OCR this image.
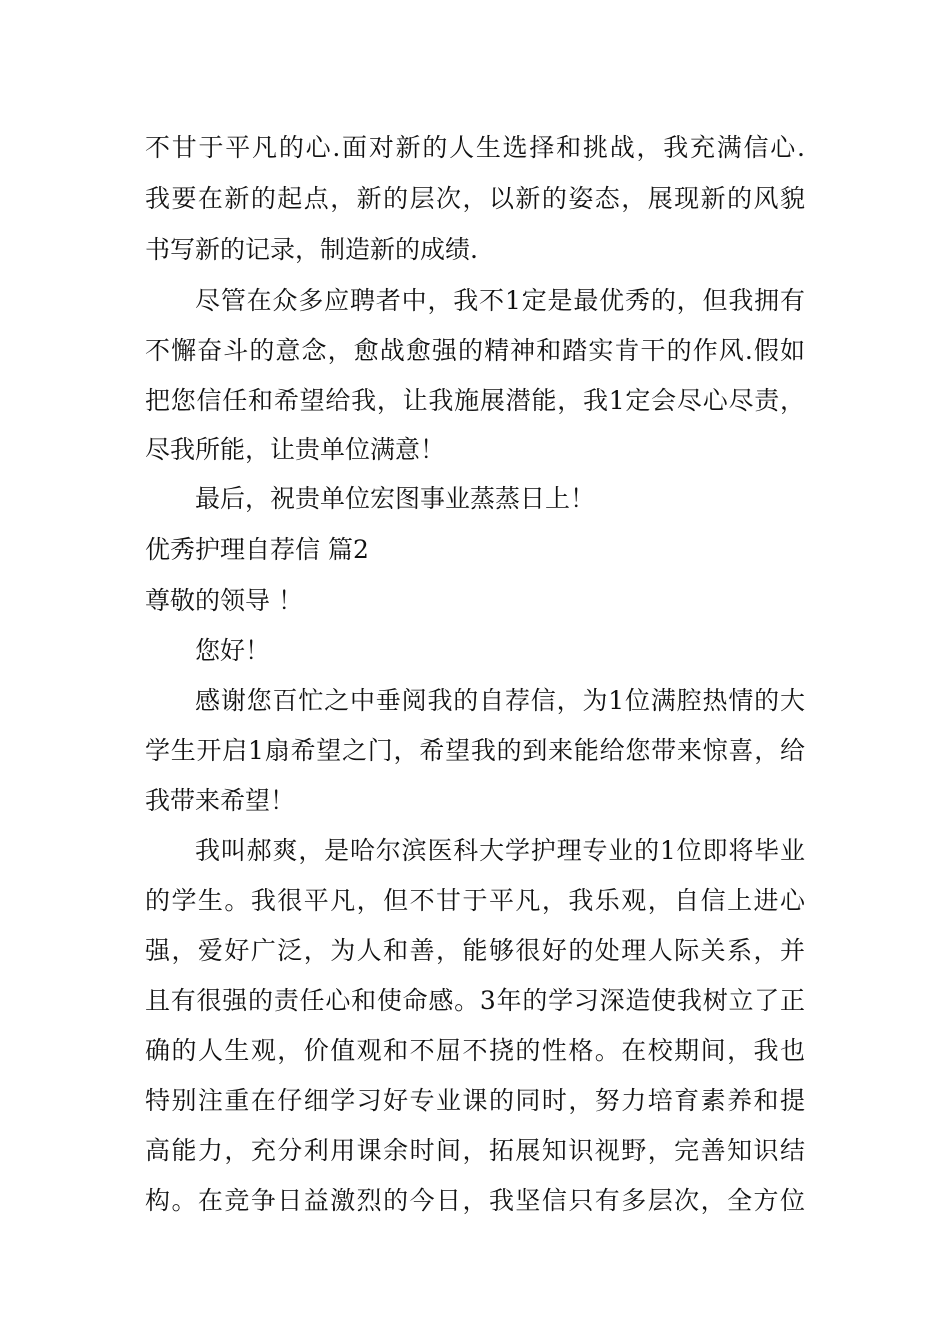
不甘于平凡的心.面对新的人生选择和挑战，我充满信心.
我要在新的起点，新的层次，以新的姿态，展现新的风貌
书写新的记录，制造新的成绩.
尽管在众多应聘者中，我不1定是最优秀的，但我拥有
不懈奋斗的意念，愈战愈强的精神和踏实肯干的作风.假如
把您信任和希望给我，让我施展潜能，我1定会尽心尽责，
尽我所能，让贵单位满意！
最后，祝贵单位宏图事业蒸蒸日上！
优秀护理自荐信 篇2
尊敬的领导 ！
您好！
感谢您百忙之中垂阅我的自荐信，为1位满腔热情的大
学生开启1扇希望之门，希望我的到来能给您带来惊喜，给
我带来希望！
我叫郝爽，是哈尔滨医科大学护理专业的1位即将毕业
的学生。我很平凡，但不甘于平凡，我乐观，自信上进心
强，爱好广泛，为人和善，能够很好的处理人际关系，并
且有很强的责任心和使命感。3年的学习深造使我树立了正
确的人生观，价值观和不屈不挠的性格。在校期间，我也
特别注重在仔细学习好专业课的同时，努力培育素养和提
高能力，充分利用课余时间，拓展知识视野，完善知识结
构。在竞争日益激烈的今日，我坚信只有多层次，全方位
